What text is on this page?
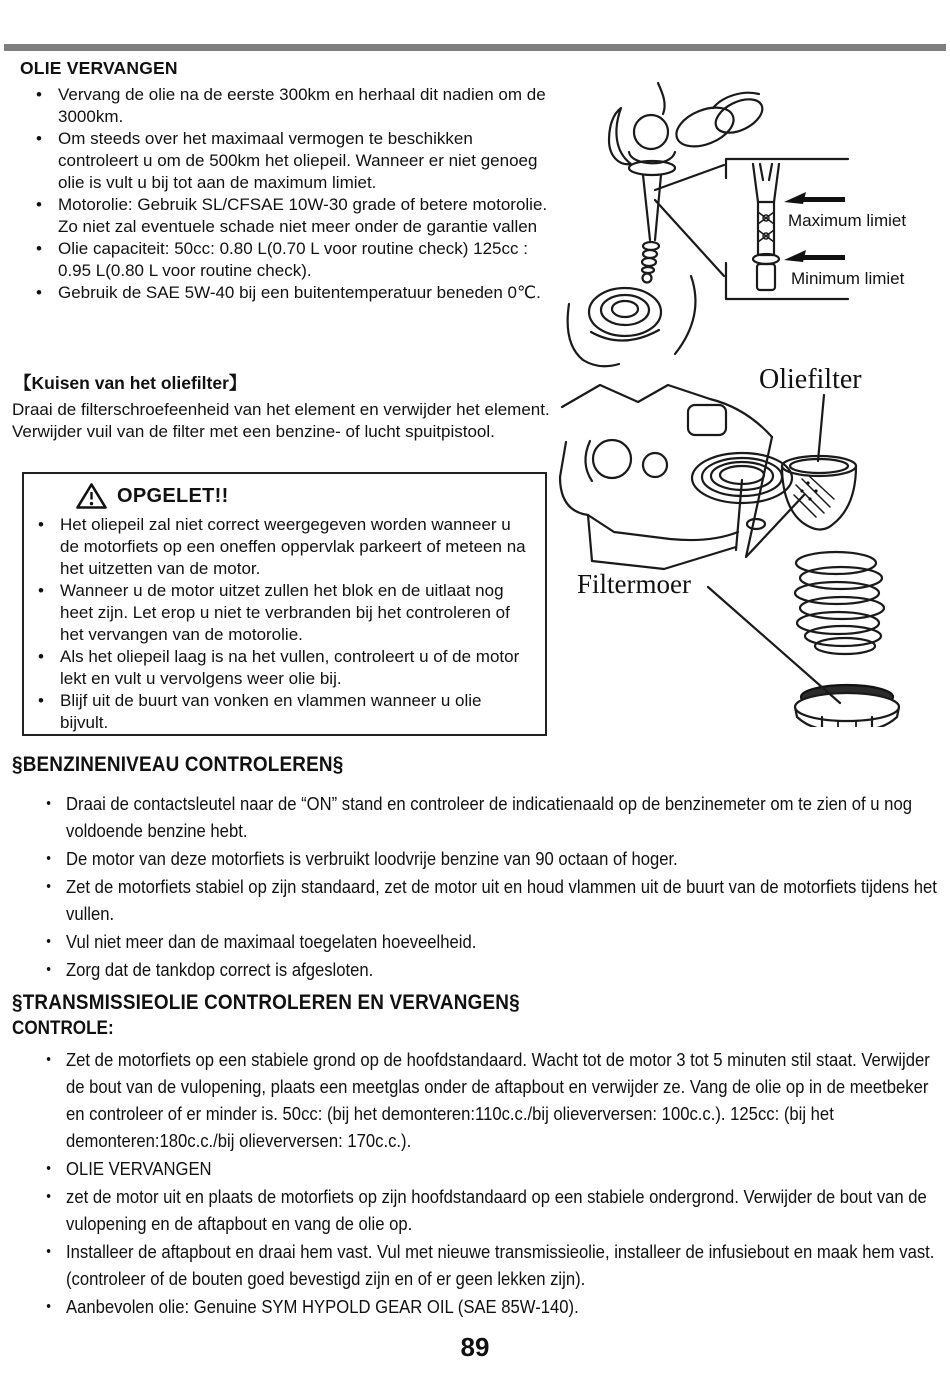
OLIE VERVANGEN
• Vervang de olie na de eerste 300km en herhaal dit nadien om de 3000km.
• Om steeds over het maximaal vermogen te beschikken controleert u om de 500km het oliepeil. Wanneer er niet genoeg olie is vult u bij tot aan de maximum limiet.
• Motorolie: Gebruik SL/CFSAE 10W-30 grade of betere motorolie. Zo niet zal eventuele schade niet meer onder de garantie vallen
• Olie capaciteit: 50cc: 0.80 L(0.70 L voor routine check) 125cc : 0.95 L(0.80 L voor routine check).
• Gebruik de SAE 5W-40 bij een buitentemperatuur beneden 0℃.
【Kuisen van het oliefilter】
Draai de filterschroefeenheid van het element en verwijder het element. Verwijder vuil van de filter met een benzine- of lucht spuitpistool.
OPGELET!!
• Het oliepeil zal niet correct weergegeven worden wanneer u de motorfiets op een oneffen oppervlak parkeert of meteen na het uitzetten van de motor.
• Wanneer u de motor uitzet zullen het blok en de uitlaat nog heet zijn. Let erop u niet te verbranden bij het controleren of het vervangen van de motorolie.
• Als het oliepeil laag is na het vullen, controleert u of de motor lekt en vult u vervolgens weer olie bij.
• Blijf uit de buurt van vonken en vlammen wanneer u olie bijvult.
Maximum limiet
Minimum limiet
Oliefilter
Filtermoer
§BENZINENIVEAU CONTROLEREN§
• Draai de contactsleutel naar de “ON” stand en controleer de indicatienaald op de benzinemeter om te zien of u nog voldoende benzine hebt.
• De motor van deze motorfiets is verbruikt loodvrije benzine van 90 octaan of hoger.
• Zet de motorfiets stabiel op zijn standaard, zet de motor uit en houd vlammen uit de buurt van de motorfiets tijdens het vullen.
• Vul niet meer dan de maximaal toegelaten hoeveelheid.
• Zorg dat de tankdop correct is afgesloten.
§TRANSMISSIEOLIE CONTROLEREN EN VERVANGEN§
CONTROLE:
• Zet de motorfiets op een stabiele grond op de hoofdstandaard. Wacht tot de motor 3 tot 5 minuten stil staat. Verwijder de bout van de vulopening, plaats een meetglas onder de aftapbout en verwijder ze. Vang de olie op in de meetbeker en controleer of er minder is. 50cc: (bij het demonteren:110c.c./bij olieverversen: 100c.c.). 125cc: (bij het demonteren:180c.c./bij olieverversen: 170c.c.).
• OLIE VERVANGEN
• zet de motor uit en plaats de motorfiets op zijn hoofdstandaard op een stabiele ondergrond. Verwijder de bout van de vulopening en de aftapbout en vang de olie op.
• Installeer de aftapbout en draai hem vast. Vul met nieuwe transmissieolie, installeer de infusiebout en maak hem vast. (controleer of de bouten goed bevestigd zijn en of er geen lekken zijn).
• Aanbevolen olie: Genuine SYM HYPOLD GEAR OIL (SAE 85W-140).
89
